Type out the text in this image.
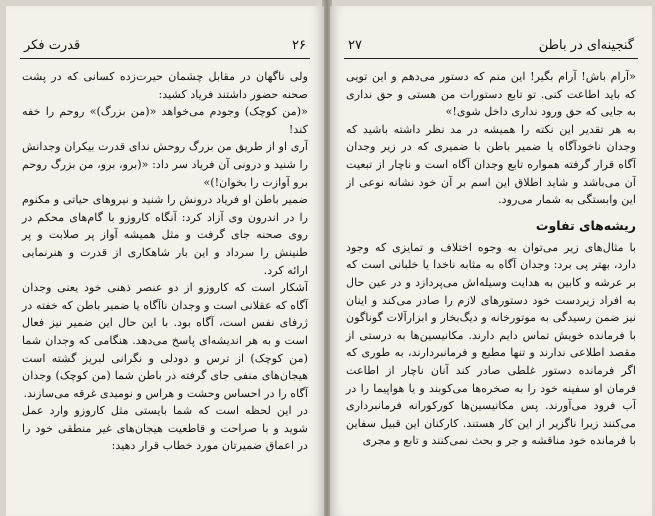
قدرت فکر	۲۶

ولی ناگهان در مقابل چشمان حیرت‌زده کسانی که در پشت صحنه حضور داشتند فریاد کشید:

«(من کوچک) وجودم می‌خواهد «(من بزرگ)» روحم را خفه کند!

آری او از طریق من بزرگ روحش ندای قدرت بیکران وجدانش را شنید و درونی آن فریاد سر داد: «(برو، برو، من بزرگ روحم برو آوازت را بخوان!)»

ضمیر باطن او فریاد درونش را شنید و نیروهای حیاتی و مکنوم را در اندرون وی آزاد کرد: آنگاه کاروزو با گام‌های محکم در روی صحنه جای گرفت و مثل همیشه آواز پر صلابت و پر طنینش را سرداد و این بار شاهکاری از قدرت و هنرنمایی ارائه کرد.

آشکار است که کاروزو از دو عنصر ذهنی خود یعنی وجدان آگاه که عقلانی است و وجدان ناآگاه یا ضمیر باطن که خفته در ژرفای نفس است، آگاه بود. با این حال این ضمیر نیز فعال است و به هر اندیشه‌ای پاسخ می‌دهد. هنگامی که وجدان شما (من کوچک) از ترس و دودلی و نگرانی لبریز گشته است هیجان‌های منفی جای گرفته در باطن شما (من کوچک) وجدان آگاه را در احساس وحشت و هراس و نومیدی غرقه می‌سازند.

در این لحظه است که شما بایستی مثل کاروزو وارد عمل شوید و با صراحت و قاطعیت هیجان‌های غیر منطقی خود را در اعماق ضمیرتان مورد خطاب قرار دهید:

۲۷	گنجینه‌ای در باطن

«آرام باش! آرام بگیر! این منم که دستور می‌دهم و این تویی که باید اطاعت کنی. تو تابع دستورات من هستی و حق نداری به جایی که حق ورود نداری داخل شوی!»

به هر تقدیر این نکته را همیشه در مد نظر داشته باشید که وجدان ناخودآگاه یا ضمیر باطن با ضمیری که در زیر وجدان آگاه قرار گرفته همواره تابع وجدان آگاه است و ناچار از تبعیت آن می‌باشد و شاید اطلاق این اسم بر آن خود نشانه نوعی از این وابستگی به شمار می‌رود.

ریشه‌های تفاوت

با مثال‌های زیر می‌توان به وجوه اختلاف و تمایزی که وجود دارد، بهتر پی برد: وجدان آگاه به مثابه ناخدا یا خلبانی است که بر عرشه و کابین به هدایت وسیله‌اش می‌پردازد و در عین حال به افراد زیردست خود دستورهای لازم را صادر می‌کند و اینان نیز ضمن رسیدگی به موتورخانه و دیگ‌بخار و ابزارآلات گوناگون با فرمانده خویش تماس دایم دارند. مکانیسین‌ها به درستی از مقصد اطلاعی ندارند و تنها مطیع و فرمانبردارند، به طوری که اگر فرمانده دستور غلطی صادر کند آنان ناچار از اطاعت فرمان او سفینه خود را به صخره‌ها می‌کوبند و یا هواپیما را در آب فرود می‌آورند. پس مکانیسین‌ها کورکورانه فرمانبرداری می‌کنند زیرا ناگزیر از این کار هستند. کارکنان این قبیل سفاین با فرمانده خود مناقشه و جر و بحث نمی‌کنند و تابع و مجری
